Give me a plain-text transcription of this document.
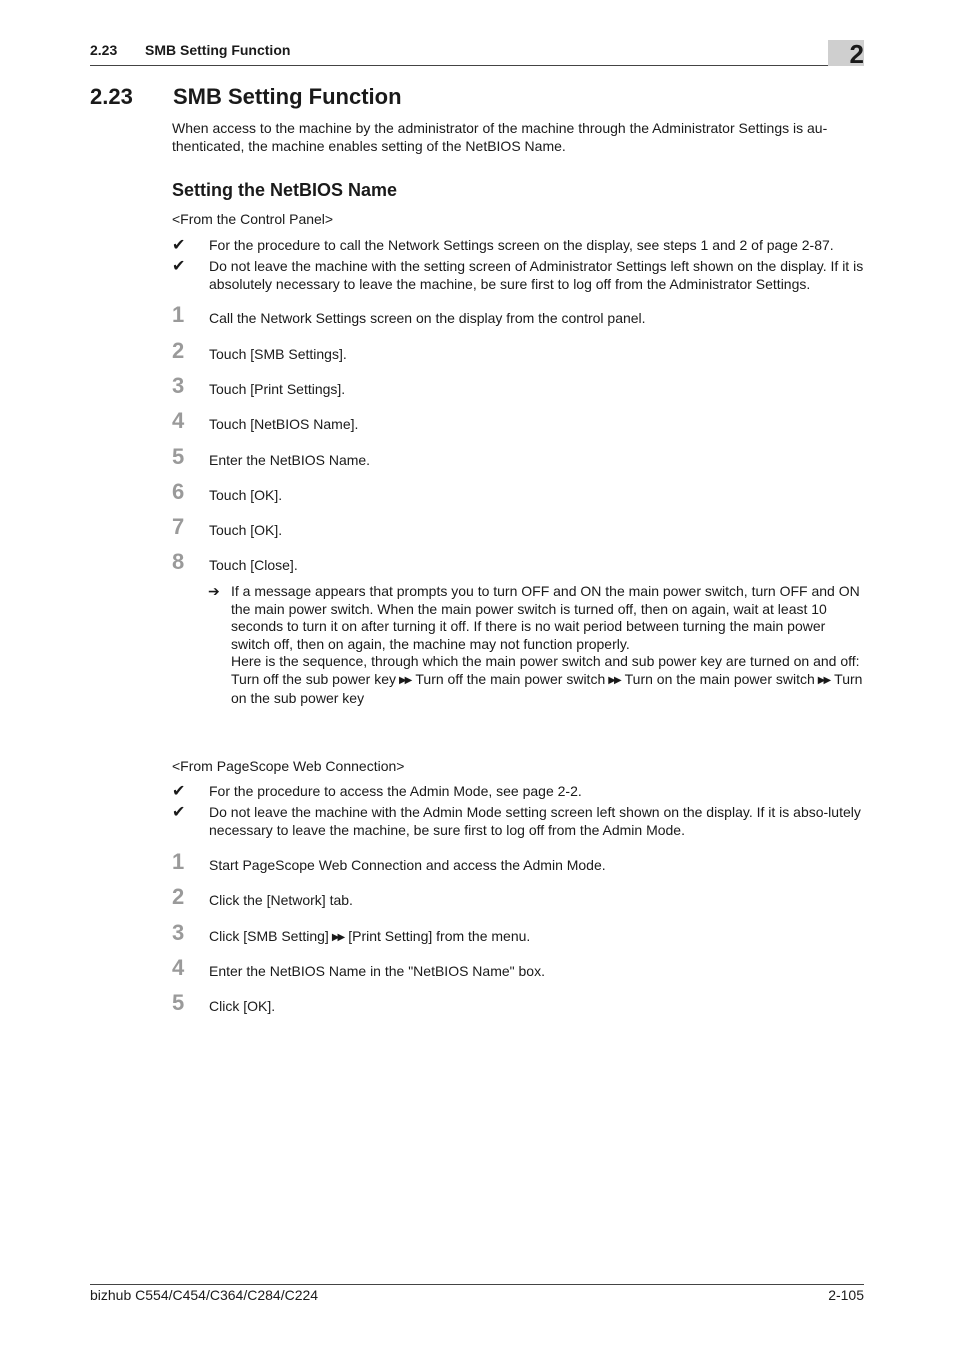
2.23 SMB Setting Function	2
2.23 SMB Setting Function

When access to the machine by the administrator of the machine through the Administrator Settings is au-thenticated, the machine enables setting of the NetBIOS Name.

Setting the NetBIOS Name
<From the Control Panel>
✔ For the procedure to call the Network Settings screen on the display, see steps 1 and 2 of page 2-87.
✔ Do not leave the machine with the setting screen of Administrator Settings left shown on the display. If it is absolutely necessary to leave the machine, be sure first to log off from the Administrator Settings.
1 Call the Network Settings screen on the display from the control panel.
2 Touch [SMB Settings].
3 Touch [Print Settings].
4 Touch [NetBIOS Name].
5 Enter the NetBIOS Name.
6 Touch [OK].
7 Touch [OK].
8 Touch [Close].
➔ If a message appears that prompts you to turn OFF and ON the main power switch, turn OFF and ON the main power switch. When the main power switch is turned off, then on again, wait at least 10 seconds to turn it on after turning it off. If there is no wait period between turning the main power switch off, then on again, the machine may not function properly.
Here is the sequence, through which the main power switch and sub power key are turned on and off:
Turn off the sub power key ▶▶ Turn off the main power switch ▶▶ Turn on the main power switch ▶▶ Turn on the sub power key
<From PageScope Web Connection>
✔ For the procedure to access the Admin Mode, see page 2-2.
✔ Do not leave the machine with the Admin Mode setting screen left shown on the display. If it is abso-lutely necessary to leave the machine, be sure first to log off from the Admin Mode.
1 Start PageScope Web Connection and access the Admin Mode.
2 Click the [Network] tab.
3 Click [SMB Setting] ▶▶ [Print Setting] from the menu.
4 Enter the NetBIOS Name in the "NetBIOS Name" box.
5 Click [OK].
bizhub C554/C454/C364/C284/C224	2-105
